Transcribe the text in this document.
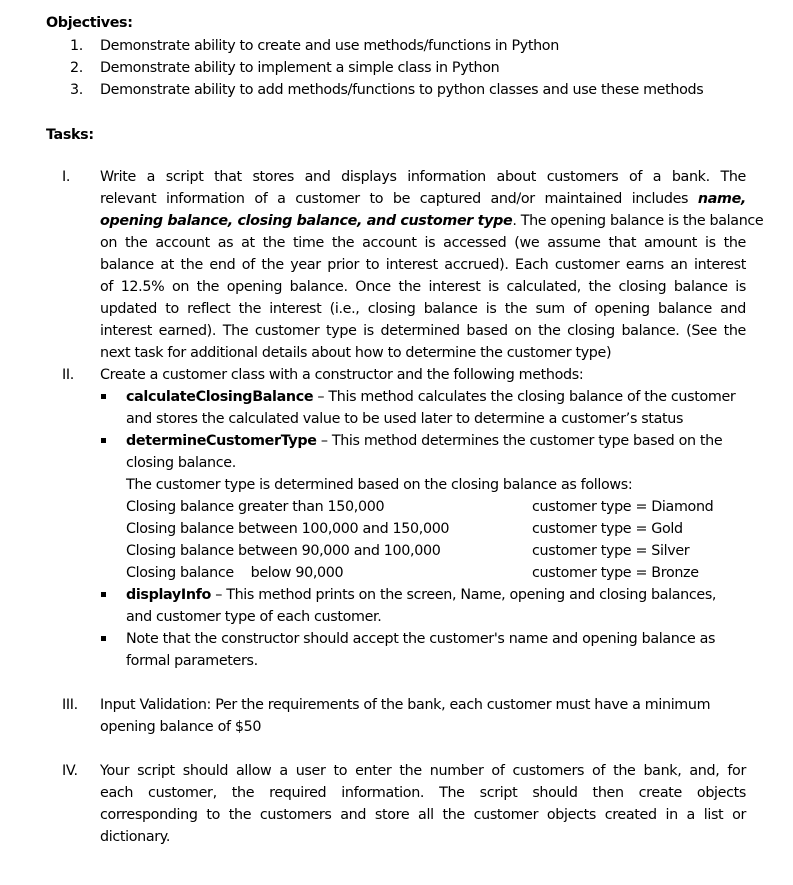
Objectives:
1. Demonstrate ability to create and use methods/functions in Python
2. Demonstrate ability to implement a simple class in Python
3. Demonstrate ability to add methods/functions to python classes and use these methods
Tasks:
I. Write a script that stores and displays information about customers of a bank. The
relevant information of a customer to be captured and/or maintained includes name,
opening balance, closing balance, and customer type. The opening balance is the balance
on the account as at the time the account is accessed (we assume that amount is the
balance at the end of the year prior to interest accrued). Each customer earns an interest
of 12.5% on the opening balance. Once the interest is calculated, the closing balance is
updated to reflect the interest (i.e., closing balance is the sum of opening balance and
interest earned). The customer type is determined based on the closing balance. (See the
next task for additional details about how to determine the customer type)
II. Create a customer class with a constructor and the following methods:
calculateClosingBalance – This method calculates the closing balance of the customer
and stores the calculated value to be used later to determine a customer’s status
determineCustomerType – This method determines the customer type based on the
closing balance.
The customer type is determined based on the closing balance as follows:
Closing balance greater than 150,000	customer type = Diamond
Closing balance between 100,000 and 150,000	customer type = Gold
Closing balance between 90,000 and 100,000	customer type = Silver
Closing balance    below 90,000	customer type = Bronze
displayInfo – This method prints on the screen, Name, opening and closing balances,
and customer type of each customer.
Note that the constructor should accept the customer's name and opening balance as
formal parameters.
III. Input Validation: Per the requirements of the bank, each customer must have a minimum
opening balance of $50
IV. Your script should allow a user to enter the number of customers of the bank, and, for
each customer, the required information. The script should then create objects
corresponding to the customers and store all the customer objects created in a list or
dictionary.
